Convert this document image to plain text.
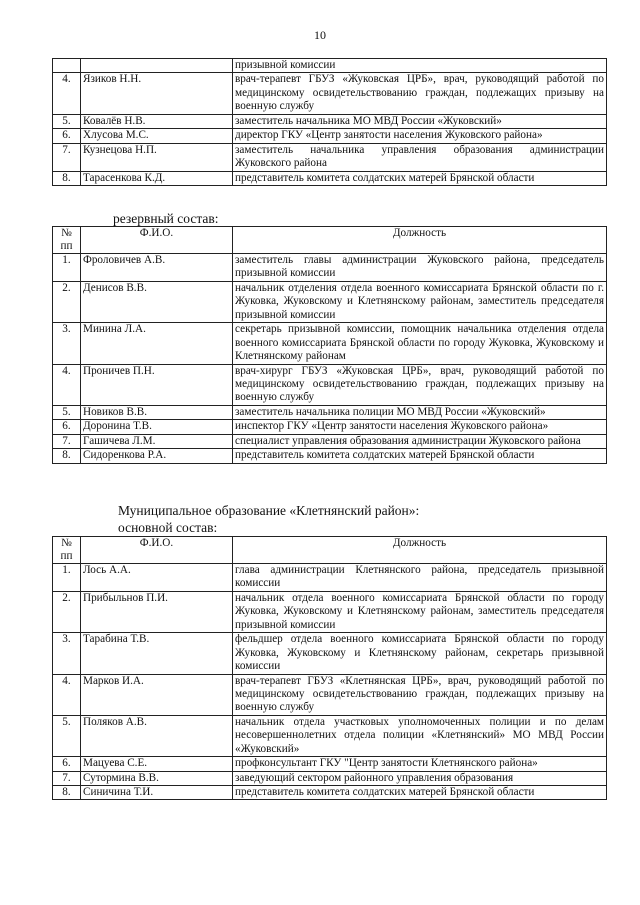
10
		призывной комиссии
4.	Язиков Н.Н.	врач-терапевт ГБУЗ «Жуковская ЦРБ», врач, руководящий работой по медицинскому освидетельствованию граждан, подлежащих призыву на военную службу
5.	Ковалёв Н.В.	заместитель начальника МО МВД России «Жуковский»
6.	Хлусова М.С.	директор ГКУ «Центр занятости населения Жуковского района»
7.	Кузнецова Н.П.	заместитель начальника управления образования администрации Жуковского района
8.	Тарасенкова К.Д.	представитель комитета солдатских матерей Брянской области
резервный состав:
№ пп	Ф.И.О.	Должность
1.	Фроловичев А.В.	заместитель главы администрации Жуковского района, председатель призывной комиссии
2.	Денисов В.В.	начальник отделения отдела военного комиссариата Брянской области по г. Жуковка, Жуковскому и Клетнянскому районам, заместитель председателя призывной комиссии
3.	Минина Л.А.	секретарь призывной комиссии, помощник начальника отделения отдела военного комиссариата Брянской области по городу Жуковка, Жуковскому и Клетнянскому районам
4.	Проничев П.Н.	врач-хирург ГБУЗ «Жуковская ЦРБ», врач, руководящий работой по медицинскому освидетельствованию граждан, подлежащих призыву на военную службу
5.	Новиков В.В.	заместитель начальника полиции МО МВД России «Жуковский»
6.	Доронина Т.В.	инспектор ГКУ «Центр занятости населения Жуковского района»
7.	Гашичева Л.М.	специалист управления образования администрации Жуковского района
8.	Сидоренкова Р.А.	представитель комитета солдатских матерей Брянской области
Муниципальное образование «Клетнянский район»:
основной состав:
№ пп	Ф.И.О.	Должность
1.	Лось А.А.	глава администрации Клетнянского района, председатель призывной комиссии
2.	Прибыльнов П.И.	начальник отдела военного комиссариата Брянской области по городу Жуковка, Жуковскому и Клетнянскому районам, заместитель председателя призывной комиссии
3.	Тарабина Т.В.	фельдшер отдела военного комиссариата Брянской области по городу Жуковка, Жуковскому и Клетнянскому районам, секретарь призывной комиссии
4.	Марков И.А.	врач-терапевт ГБУЗ «Клетнянская ЦРБ», врач, руководящий работой по медицинскому освидетельствованию граждан, подлежащих призыву на военную службу
5.	Поляков А.В.	начальник отдела участковых уполномоченных полиции и по делам несовершеннолетних отдела полиции «Клетнянский» МО МВД России «Жуковский»
6.	Мацуева С.Е.	профконсультант ГКУ "Центр занятости Клетнянского района»
7.	Сутормина В.В.	заведующий сектором районного управления образования
8.	Синичина Т.И.	представитель комитета солдатских матерей Брянской области
